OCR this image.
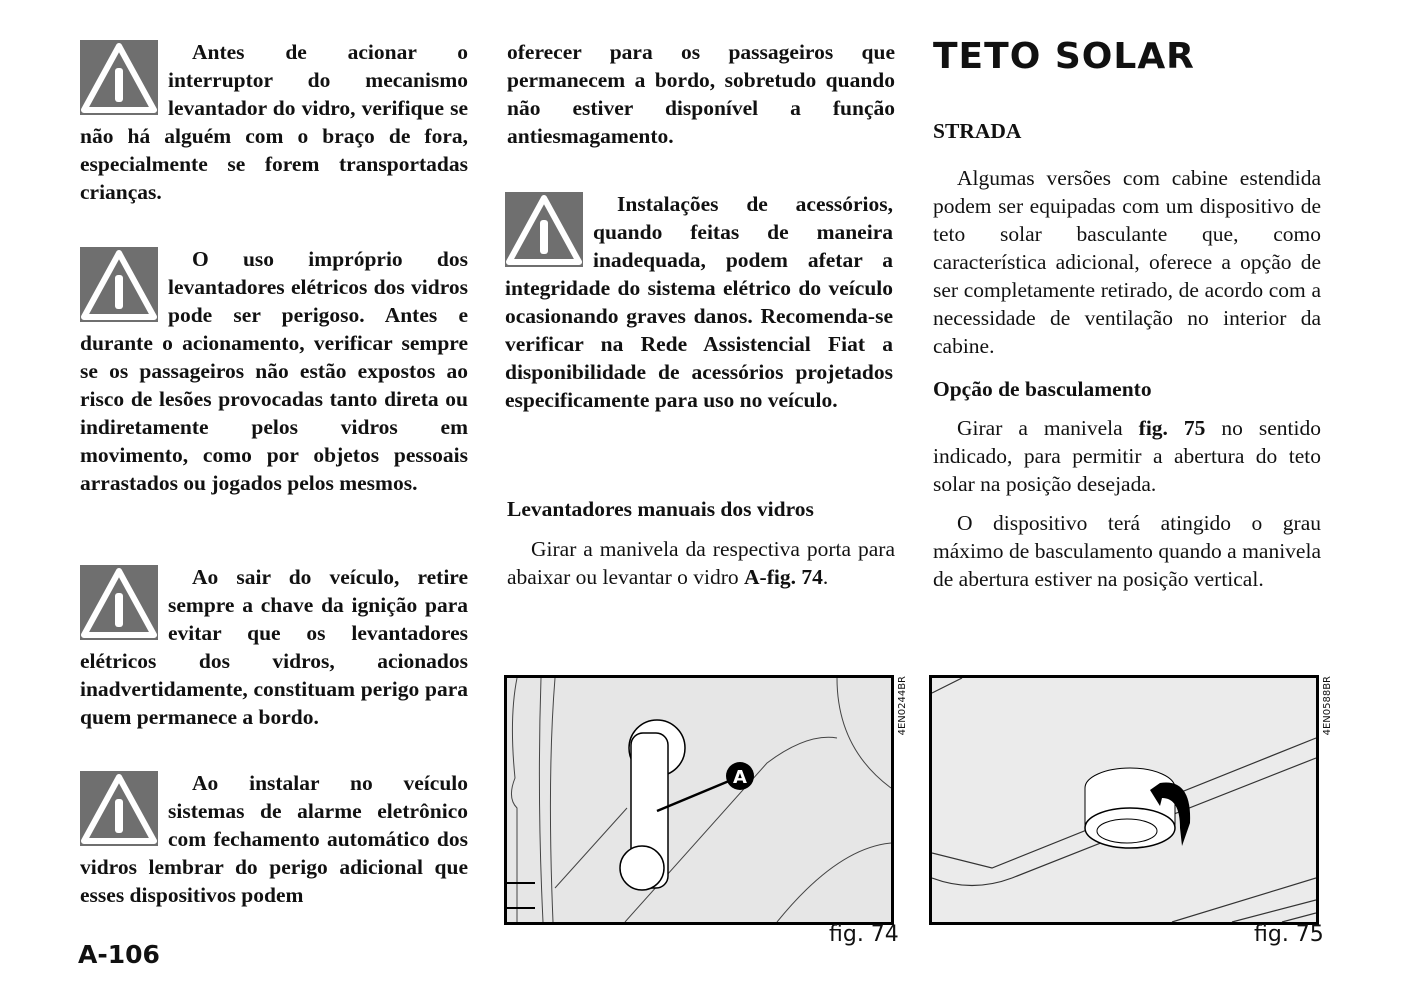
Antes de acionar o interruptor do mecanismo levantador do vidro, verifique se não há alguém com o braço de fora, especialmente se forem transportadas crianças.
O uso impróprio dos levantadores elétricos dos vidros pode ser perigoso. Antes e durante o acionamento, verificar sempre se os passageiros não estão expostos ao risco de lesões provocadas tanto direta ou indiretamente pelos vidros em movimento, como por objetos pessoais arrastados ou jogados pelos mesmos.
Ao sair do veículo, retire sempre a chave da ignição para evitar que os levantadores elétricos dos vidros, acionados inadvertidamente, constituam perigo para quem permanece a bordo.
Ao instalar no veículo sistemas de alarme eletrônico com fechamento automático dos vidros lembrar do perigo adicional que esses dispositivos podem
A-106
oferecer para os passageiros que permanecem a bordo, sobretudo quando não estiver disponível a função antiesmagamento.
Instalações de acessórios, quando feitas de maneira inadequada, podem afetar a integridade do sistema elétrico do veículo ocasionando graves danos. Recomenda-se verificar na Rede Assistencial Fiat a disponibilidade de acessórios projetados especificamente para uso no veículo.
Levantadores manuais dos vidros
Girar a manivela da respectiva porta para abaixar ou levantar o vidro A-fig. 74.
A
4EN0244BR
fig. 74
TETO SOLAR
STRADA
Algumas versões com cabine estendida podem ser equipadas com um dispositivo de teto solar basculante que, como característica adicional, oferece a opção de ser completamente retirado, de acordo com a necessidade de ventilação no interior da cabine.
Opção de basculamento
Girar a manivela fig. 75 no sentido indicado, para permitir a abertura do teto solar na posição desejada.
O dispositivo terá atingido o grau máximo de basculamento quando a manivela de abertura estiver na posição vertical.
4EN0588BR
fig. 75
